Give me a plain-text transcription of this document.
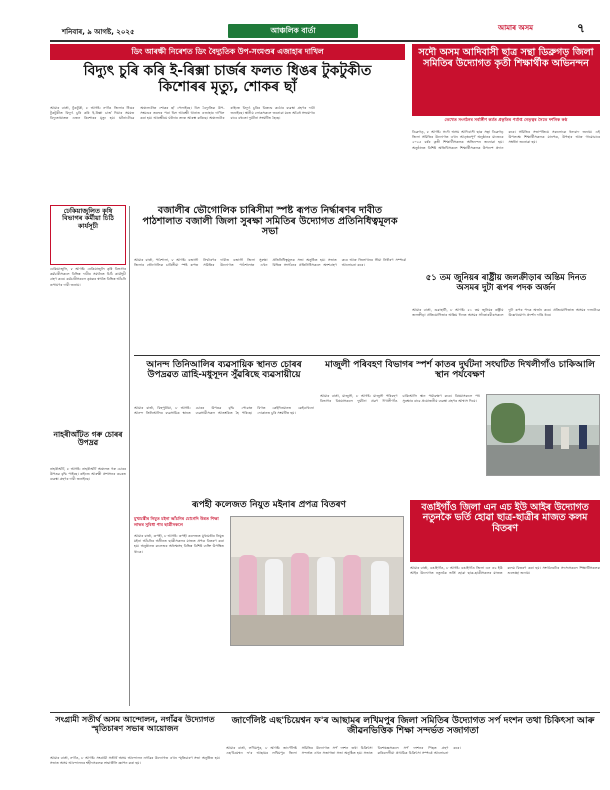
শনিবাৰ, ৯ আগষ্ট, ২০২৫	আঞ্চলিক বাৰ্তা	আমাৰ অসম	৭
ডিং আৰক্ষী নিৰেশত ডিং বৈদ্যুতিক উপ-সংমণ্ডৰ এজাহাৰ দাখিল
বিদ্যুৎ চুৰি কৰি ই-ৰিক্সা চাৰ্জৰ ফলত ধিঙৰ টুকটুকীত কিশোৰৰ মৃত্যু, শোকৰ ছাঁ
আমাৰ বাৰ্তা, টুকটুকী, ৮ আগষ্ট: নগাঁও জিলাৰ ধিঙৰ টুকটুকীত বিদ্যুৎ চুৰি কৰি ই-ৰিক্সা চাৰ্জ দিয়াৰ সময়ত বিদ্যুতাঘাতত এজন কিশোৰৰ মৃত্যু হয়। ঘটনাটোৱে অঞ্চলটোত শোকৰ ছাঁ পেলাইছে। ডিং বৈদ্যুতিক উপ-সংমণ্ডৰ তৰফৰ পৰা ডিং আৰক্ষী থানাত এজাহাৰ দাখিল কৰা হয়। আৰক্ষীয়ে ঘটনাৰ তদন্ত আৰম্ভ কৰিছে। অঞ্চলটোৰ ৰাইজে বিদ্যুৎ চুৰিৰ বিৰুদ্ধে কঠোৰ ব্যৱস্থা গ্ৰহণৰ দাবী জনাইছে। স্থানীয় লোকসকলে জনোৱা মতে অবৈধ সংযোগৰ বাবে বহুতো দুৰ্ঘটনা সংঘটিত হৈছে।
সদৌ অসম আদিবাসী ছাত্ৰ সন্থা ডিব্ৰুগড় জিলা সমিতিৰ উদ্যোগত কৃতী শিক্ষাৰ্থীক অভিনন্দন
তেখেত সংগঠনৰ সৰ্বাঙ্গীণ কৰ্মত প্ৰকৃতিৰ পৰ্যাপ্ত নেতৃত্বৰ সৈতে দৰ্শনিক কণ্ঠ
ডিব্ৰুগড়, ৮ আগষ্ট: সদৌ অসম আদিবাসী ছাত্ৰ সন্থা ডিব্ৰুগড় জিলা সমিতিৰ উদ্যোগত এখন আড়ম্বৰপূৰ্ণ অনুষ্ঠানৰ মাজেৰে ২০২৫ বৰ্ষৰ কৃতী শিক্ষাৰ্থীসকলক অভিনন্দন জনোৱা হয়। অনুষ্ঠানত বিশিষ্ট অতিথিসকলে শিক্ষাৰ্থীসকলক উপদেশ প্ৰদান কৰে। সমিতিৰ সভাপতিয়ে সকলোকে ধন্যবাদ জনায়। এই উপলক্ষে শিক্ষাৰ্থীসকলক মানপত্ৰ, উপহাৰ আৰু গামোচাৰে সম্বৰ্ধনা জনোৱা হয়।
৫১ তম জুনিয়ৰ ৰাষ্ট্ৰীয় জলক্ৰীড়াৰ অন্তিম দিনত অসমৰ দুটা ৰূপৰ পদক অৰ্জন
আমাৰ বাৰ্তা, গুৱাহাটী, ৮ আগষ্ট: ৫১ তম জুনিয়ৰ ৰাষ্ট্ৰীয় জলক্ৰীড়া প্ৰতিযোগিতাৰ অন্তিম দিনত অসমৰ সাঁতোৰবীৰসকলে দুটা ৰূপৰ পদক অৰ্জন কৰে। প্ৰতিযোগিতাত অসমৰ দলটোৱে উল্লেখযোগ্য প্ৰদৰ্শন দাঙি ধৰে।
ঢেকিয়াজুলিত কৃষি বিভাগৰ কৰ্মীয়া চিঠি কাৰ্যসূচী
ঢেকিয়াজুলি, ৮ আগষ্ট: ঢেকিয়াজুলি কৃষি বিভাগৰ কৰ্মচাৰীসকলে বিভিন্ন দাবীৰ সমৰ্থনত চিঠি কাৰ্যসূচী গ্ৰহণ কৰে। কৰ্মচাৰীসকলে কৃষকৰ স্বাৰ্থত বিভিন্ন আঁচনি ৰূপায়ণৰ দাবী জনায়।
নাহৰীআঁটত গৰু চোৰৰ উপদ্ৰৱ
নাহৰীআঁট, ৮ আগষ্ট: নাহৰীআঁট অঞ্চলত গৰু চোৰৰ উপদ্ৰৱ বৃদ্ধি পাইছে। ৰাইজে আৰক্ষী প্ৰশাসনৰ ওচৰত ব্যৱস্থা গ্ৰহণৰ দাবী জনাইছে।
বজালীৰ ভৌগোলিক চাৰিসীমা স্পষ্ট ৰূপত নিৰ্দ্ধাৰণৰ দাবীত পাঠশালাত বজালী জিলা সুৰক্ষা সমিতিৰ উদ্যোগত প্ৰতিনিধিত্বমূলক সভা
আমাৰ বাৰ্তা, পাঠশালা, ৮ আগষ্ট: বজালী জিলাৰ ভৌগোলিক চাৰিসীমা স্পষ্ট ৰূপত নিৰ্দ্ধাৰণৰ দাবীত বজালী জিলা সুৰক্ষা সমিতিৰ উদ্যোগত পাঠশালাত এখন প্ৰতিনিধিত্বমূলক সভা অনুষ্ঠিত হয়। সভাত বিভিন্ন সংগঠনৰ প্ৰতিনিধিসকলে অংশগ্ৰহণ কৰে আৰু জিলাখনৰ সীমা নিৰ্ধাৰণ সম্পৰ্কে আলোচনা কৰে।
আনন্দ তিনিআলিৰ ব্যৱসায়িক স্থানত চোৰৰ উপদ্ৰৱত ত্ৰাহি-মধুসূদন সুঁৱৰিছে ব্যৱসায়ীয়ে
আমাৰ বাৰ্তা, বিহপুৰীয়া, ৮ আগষ্ট: আনন্দ তিনিআলিৰ ব্যৱসায়িক স্থানত চোৰৰ উপদ্ৰৱ বৃদ্ধি পোৱাত ব্যৱসায়ীসকল আতংকিত হৈ পৰিছে। বিগত কেইদিনমানত কেইবাখনো দোকানত চুৰি সংঘটিত হয়।
মাজুলী পৰিবহণ বিভাগৰ স্পৰ্শ কাতৰ দুৰ্ঘটনা সংঘটিত দিখলীগাঁও চাকিআলি স্থান পৰ্যবেক্ষণ
আমাৰ বাৰ্তা, মাজুলী, ৮ আগষ্ট: মাজুলী পৰিবহণ বিভাগৰ বিষয়াসকলে দুৰ্ঘটনা প্ৰৱণ দিখলীগাঁও চাকিআলি স্থান পৰ্যবেক্ষণ কৰে। বিষয়াসকলে পথ সুৰক্ষাৰ বাবে প্ৰয়োজনীয় ব্যৱস্থা গ্ৰহণৰ আশ্বাস দিয়ে।
ৰূপহী কলেজত নিযুত মইনাৰ প্ৰপত্ৰ বিতৰণ
মুখ্যমন্ত্ৰীৰ নিযুত মইনা আঁচনিৰ যোগেদি উন্নত শিক্ষা লাভৰ সুবিধা পাব ছাত্ৰীসকলে
আমাৰ বাৰ্তা, ৰূপহী, ৮ আগষ্ট: ৰূপহী কলেজত মুখ্যমন্ত্ৰীৰ নিযুত মইনা আঁচনিৰ অধীনত ছাত্ৰীসকলৰ মাজত প্ৰপত্ৰ বিতৰণ কৰা হয়। অনুষ্ঠানত কলেজৰ অধ্যক্ষসহ বিভিন্ন বিশিষ্ট ব্যক্তি উপস্থিত থাকে।
বঙাইগাঁও জিলা এন এচ ইউ আইৰ উদ্যোগত নতুনকৈ ভৰ্তি হোৱা ছাত্ৰ-ছাত্ৰীৰ মাজত কলম বিতৰণ
আমাৰ বাৰ্তা, বঙাইগাঁও, ৮ আগষ্ট: বঙাইগাঁও জিলা এন এচ ইউ আইৰ উদ্যোগত নতুনকৈ ভৰ্তি হোৱা ছাত্ৰ-ছাত্ৰীসকলৰ মাজত কলম বিতৰণ কৰা হয়। সংগঠনটোৰ সদস্যসকলে শিক্ষাৰ্থীসকলক শুভেচ্ছা জনায়।
সংগ্ৰামী সতীৰ্থ অসম আন্দোলন, নগাঁৱৰ উদ্যোগত স্মৃতিচাৰণ সভাৰ আয়োজন
আমাৰ বাৰ্তা, নগাঁও, ৮ আগষ্ট: সংগ্ৰামী সতীৰ্থ অসম আন্দোলন নগাঁৱৰ উদ্যোগত এখন স্মৃতিচাৰণ সভা অনুষ্ঠিত হয়। সভাত অসম আন্দোলনৰ শ্বহীদসকলক শ্ৰদ্ধাঞ্জলি জ্ঞাপন কৰা হয়।
জাৰ্ণেলিষ্ট এছ'চিয়েশ্বন ফ'ৰ আছামৰ লখিমপুৰ জিলা সমিতিৰ উদ্যোগত সৰ্প দংশন তথা চিকিৎসা আৰু জীৱনভিত্তিক শিক্ষা সন্দৰ্ভত সজাগতা
আমাৰ বাৰ্তা, লখিমপুৰ, ৮ আগষ্ট: জাৰ্ণেলিষ্ট এছ'চিয়েশ্বন ফ'ৰ আছামৰ লখিমপুৰ জিলা সমিতিৰ উদ্যোগত সৰ্প দংশন তথা চিকিৎসা সন্দৰ্ভত এখন সজাগতা সভা অনুষ্ঠিত হয়। সভাত বিশেষজ্ঞসকলে সৰ্প দংশনৰ পিছত গ্ৰহণ কৰিবলগীয়া প্ৰাথমিক চিকিৎসা সম্পৰ্কে আলোচনা কৰে।
